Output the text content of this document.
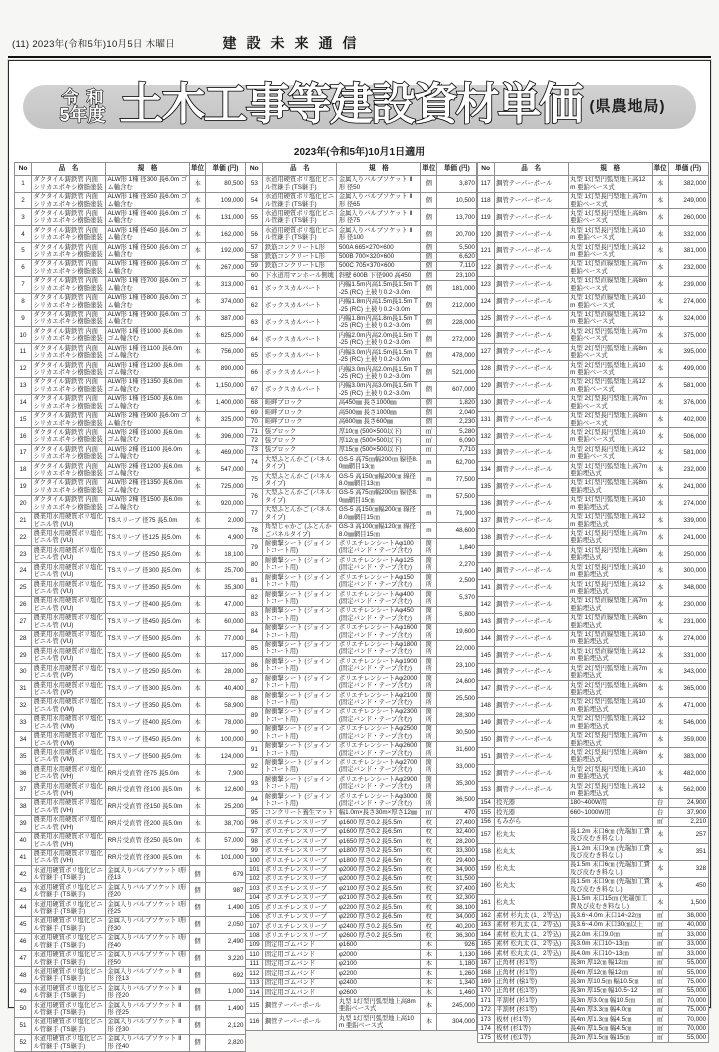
(11) 2023年(令和5年)10月5日 木曜日	建設未来通信
令和
5年度 土木工事等建設資材単価 (県農地局)
2023年(令和5年)10月1日適用
No	品　名	規　格	単位	単価 (円)
1	ダクタイル鋳鉄管 内面シリカエポキシ樹脂塗装	ALW形 1種 径300 長6.0m ゴム輪含む	本	80,500
2	ダクタイル鋳鉄管 内面シリカエポキシ樹脂塗装	ALW形 1種 径350 長6.0m ゴム輪含む	本	109,000
3	ダクタイル鋳鉄管 内面シリカエポキシ樹脂塗装	ALW形 1種 径400 長6.0m ゴム輪含む	本	131,000
4	ダクタイル鋳鉄管 内面シリカエポキシ樹脂塗装	ALW形 1種 径450 長6.0m ゴム輪含む	本	162,000
5	ダクタイル鋳鉄管 内面シリカエポキシ樹脂塗装	ALW形 1種 径500 長6.0m ゴム輪含む	本	192,000
6	ダクタイル鋳鉄管 内面シリカエポキシ樹脂塗装	ALW形 1種 径600 長6.0m ゴム輪含む	本	267,000
7	ダクタイル鋳鉄管 内面シリカエポキシ樹脂塗装	ALW形 1種 径700 長6.0m ゴム輪含む	本	313,000
8	ダクタイル鋳鉄管 内面シリカエポキシ樹脂塗装	ALW形 1種 径800 長6.0m ゴム輪含む	本	374,000
9	ダクタイル鋳鉄管 内面シリカエポキシ樹脂塗装	ALW形 1種 径900 長6.0m ゴム輪含む	本	387,000
10	ダクタイル鋳鉄管 内面シリカエポキシ樹脂塗装	ALW形 1種 径1000 長6.0m ゴム輪含む	本	625,000
11	ダクタイル鋳鉄管 内面シリカエポキシ樹脂塗装	ALW形 1種 径1100 長6.0m ゴム輪含む	本	756,000
12	ダクタイル鋳鉄管 内面シリカエポキシ樹脂塗装	ALW形 1種 径1200 長6.0m ゴム輪含む	本	890,000
13	ダクタイル鋳鉄管 内面シリカエポキシ樹脂塗装	ALW形 1種 径1350 長6.0m ゴム輪含む	本	1,150,000
14	ダクタイル鋳鉄管 内面シリカエポキシ樹脂塗装	ALW形 1種 径1500 長6.0m ゴム輪含む	本	1,400,000
15	ダクタイル鋳鉄管 内面シリカエポキシ樹脂塗装	ALW形 2種 径900 長6.0m ゴム輪含む	本	325,000
16	ダクタイル鋳鉄管 内面シリカエポキシ樹脂塗装	ALW形 2種 径1000 長6.0m ゴム輪含む	本	396,000
17	ダクタイル鋳鉄管 内面シリカエポキシ樹脂塗装	ALW形 2種 径1100 長6.0m ゴム輪含む	本	469,000
18	ダクタイル鋳鉄管 内面シリカエポキシ樹脂塗装	ALW形 2種 径1200 長6.0m ゴム輪含む	本	547,000
19	ダクタイル鋳鉄管 内面シリカエポキシ樹脂塗装	ALW形 2種 径1350 長6.0m ゴム輪含む	本	725,000
20	ダクタイル鋳鉄管 内面シリカエポキシ樹脂塗装	ALW形 2種 径1500 長6.0m ゴム輪含む	本	920,000
21	農業用水用硬質ポリ塩化ビニル管 (VU)	TSスリーブ 径75 長5.0m	本	2,000
22	農業用水用硬質ポリ塩化ビニル管 (VU)	TSスリーブ 径125 長5.0m	本	4,900
23	農業用水用硬質ポリ塩化ビニル管 (VU)	TSスリーブ 径250 長5.0m	本	18,100
24	農業用水用硬質ポリ塩化ビニル管 (VU)	TSスリーブ 径300 長5.0m	本	25,700
25	農業用水用硬質ポリ塩化ビニル管 (VU)	TSスリーブ 径350 長5.0m	本	35,300
26	農業用水用硬質ポリ塩化ビニル管 (VU)	TSスリーブ 径400 長5.0m	本	47,000
27	農業用水用硬質ポリ塩化ビニル管 (VU)	TSスリーブ 径450 長5.0m	本	60,000
28	農業用水用硬質ポリ塩化ビニル管 (VU)	TSスリーブ 径500 長5.0m	本	77,000
29	農業用水用硬質ポリ塩化ビニル管 (VU)	TSスリーブ 径600 長5.0m	本	117,000
30	農業用水用硬質ポリ塩化ビニル管 (VP)	TSスリーブ 径250 長5.0m	本	28,000
31	農業用水用硬質ポリ塩化ビニル管 (VP)	TSスリーブ 径300 長5.0m	本	40,400
32	農業用水用硬質ポリ塩化ビニル管 (VM)	TSスリーブ 径350 長5.0m	本	58,900
33	農業用水用硬質ポリ塩化ビニル管 (VM)	TSスリーブ 径400 長5.0m	本	78,000
34	農業用水用硬質ポリ塩化ビニル管 (VM)	TSスリーブ 径450 長5.0m	本	100,000
35	農業用水用硬質ポリ塩化ビニル管 (VM)	TSスリーブ 径500 長5.0m	本	124,000
36	農業用水用硬質ポリ塩化ビニル管 (VH)	RR片受直管 径75 長5.0m	本	7,900
37	農業用水用硬質ポリ塩化ビニル管 (VH)	RR片受直管 径100 長5.0m	本	12,600
38	農業用水用硬質ポリ塩化ビニル管 (VH)	RR片受直管 径150 長5.0m	本	25,200
39	農業用水用硬質ポリ塩化ビニル管 (VH)	RR片受直管 径200 長5.0m	本	38,700
40	農業用水用硬質ポリ塩化ビニル管 (VH)	RR片受直管 径250 長5.0m	本	57,000
41	農業用水用硬質ポリ塩化ビニル管 (VH)	RR片受直管 径300 長5.0m	本	101,000
42	水道用硬質ポリ塩化ビニル管継手 (TS継手)	金属入りバルブソケット Ⅰ形 径13	個	679
43	水道用硬質ポリ塩化ビニル管継手 (TS継手)	金属入りバルブソケット Ⅰ形 径20	個	987
44	水道用硬質ポリ塩化ビニル管継手 (TS継手)	金属入りバルブソケット Ⅰ形 径25	個	1,490
45	水道用硬質ポリ塩化ビニル管継手 (TS継手)	金属入りバルブソケット Ⅰ形 径30	個	2,050
46	水道用硬質ポリ塩化ビニル管継手 (TS継手)	金属入りバルブソケット Ⅰ形 径40	個	2,490
47	水道用硬質ポリ塩化ビニル管継手 (TS継手)	金属入りバルブソケット Ⅰ形 径50	個	3,220
48	水道用硬質ポリ塩化ビニル管継手 (TS継手)	金属入りバルブソケット Ⅱ形 径13	個	692
49	水道用硬質ポリ塩化ビニル管継手 (TS継手)	金属入りバルブソケット Ⅱ形 径20	個	1,000
50	水道用硬質ポリ塩化ビニル管継手 (TS継手)	金属入りバルブソケット Ⅱ形 径25	個	1,490
51	水道用硬質ポリ塩化ビニル管継手 (TS継手)	金属入りバルブソケット Ⅱ形 径30	個	2,120
52	水道用硬質ポリ塩化ビニル管継手 (TS継手)	金属入りバルブソケット Ⅱ形 径40	個	2,820
No	品　名	規　格	単位	単価 (円)
53	水道用硬質ポリ塩化ビニル管継手 (TS継手)	金属入りバルブソケット Ⅱ形 径50	個	3,870
54	水道用硬質ポリ塩化ビニル管継手 (TS継手)	金属入りバルブソケット Ⅱ形 径65	個	10,500
55	水道用硬質ポリ塩化ビニル管継手 (TS継手)	金属入りバルブソケット Ⅱ形 径75	個	13,700
56	水道用硬質ポリ塩化ビニル管継手 (TS継手)	金属入りバルブソケット Ⅱ形 径100	個	20,700
57	鉄筋コンクリートL形	500A 665×270×600	個	5,500
58	鉄筋コンクリートL形	500B 700×320×600	個	6,620
59	鉄筋コンクリートL形	500C 705×370×600	個	7,110
60	下水道用マンホール側塊	斜壁 600B 下径900 高450	個	23,100
61	ボックスカルバート	内幅1.5m内高1.5m長1.5m T-25 (RC) 土被り0.2~3.0m	個	181,000
62	ボックスカルバート	内幅1.8m内高1.5m長1.5m T-25 (RC) 土被り0.2~3.0m	個	212,000
63	ボックスカルバート	内幅1.8m内高1.8m長1.5m T-25 (RC) 土被り0.2~3.0m	個	228,000
64	ボックスカルバート	内幅2.0m内高2.0m長1.5m T-25 (RC) 土被り0.2~3.0m	個	272,000
65	ボックスカルバート	内幅3.0m内高1.5m長1.5m T-25 (RC) 土被り0.2~3.0m	個	478,000
66	ボックスカルバート	内幅3.0m内高2.0m長1.5m T-25 (RC) 土被り0.2~3.0m	個	521,000
67	ボックスカルバート	内幅3.0m内高3.0m長1.5m T-25 (RC) 土被り0.2~3.0m	個	607,000
68	畦畔ブロック	高450㎜ 長さ1000㎜	個	1,820
69	畦畔ブロック	高500㎜ 長さ1000㎜	個	2,040
70	畦畔ブロック	高600㎜ 長さ600㎜	個	2,230
71	張ブロック	厚10㎝ (500×500以下)	㎡	5,280
72	張ブロック	厚12㎝ (500×500以下)	㎡	6,090
73	張ブロック	厚15㎝ (500×500以下)	㎡	7,710
74	大型ふとんかご (パネルタイプ)	GS-5 高75㎝幅200㎝ 線径8.0㎜網目13㎝	m	62,700
75	大型ふとんかご (パネルタイプ)	GS-5 高150㎝幅200㎝ 線径8.0㎜網目13㎝	m	77,500
76	大型ふとんかご (パネルタイプ)	GS-5 高75㎝幅200㎝ 線径8.0㎜網目15㎝	m	57,500
77	大型ふとんかご (パネルタイプ)	GS-5 高150㎝幅200㎝ 線径8.0㎜網目15㎝	m	71,900
78	角型じゃかご (ふとんかごパネルタイプ)	GS-3 高100㎝幅120㎝ 線径8.0㎜網目15㎝	m	48,600
79	耐衝撃シート (ジョイントコート用)	ポリエチレンシートAφ100 (固定バンド・テープ含む)	箇所	1,840
80	耐衝撃シート (ジョイントコート用)	ポリエチレンシートAφ125 (固定バンド・テープ含む)	箇所	2,270
81	耐衝撃シート (ジョイントコート用)	ポリエチレンシートAφ150 (固定バンド・テープ含む)	箇所	2,500
82	耐衝撃シート (ジョイントコート用)	ポリエチレンシートAφ400 (固定バンド・テープ含む)	箇所	5,370
83	耐衝撃シート (ジョイントコート用)	ポリエチレンシートAφ450 (固定バンド・テープ含む)	箇所	5,800
84	耐衝撃シート (ジョイントコート用)	ポリエチレンシートAφ1600 (固定バンド・テープ含む)	箇所	19,600
85	耐衝撃シート (ジョイントコート用)	ポリエチレンシートAφ1800 (固定バンド・テープ含む)	箇所	22,000
86	耐衝撃シート (ジョイントコート用)	ポリエチレンシートAφ1900 (固定バンド・テープ含む)	箇所	23,100
87	耐衝撃シート (ジョイントコート用)	ポリエチレンシートAφ2000 (固定バンド・テープ含む)	箇所	24,600
88	耐衝撃シート (ジョイントコート用)	ポリエチレンシートAφ2100 (固定バンド・テープ含む)	箇所	25,500
89	耐衝撃シート (ジョイントコート用)	ポリエチレンシートAφ2300 (固定バンド・テープ含む)	箇所	28,300
90	耐衝撃シート (ジョイントコート用)	ポリエチレンシートAφ2500 (固定バンド・テープ含む)	箇所	30,500
91	耐衝撃シート (ジョイントコート用)	ポリエチレンシートAφ2600 (固定バンド・テープ含む)	箇所	31,600
92	耐衝撃シート (ジョイントコート用)	ポリエチレンシートAφ2700 (固定バンド・テープ含む)	箇所	33,000
93	耐衝撃シート (ジョイントコート用)	ポリエチレンシートAφ2900 (固定バンド・テープ含む)	箇所	35,300
94	耐衝撃シート (ジョイントコート用)	ポリエチレンシートAφ3000 (固定バンド・テープ含む)	箇所	36,500
95	コンクリート養生マット	幅1.0m×長さ30m×厚さ12㎜	㎡	470
96	ポリエチレンスリーブ	φ1600 厚さ0.2 長5.5m	枚	27,400
97	ポリエチレンスリーブ	φ1600 厚さ0.2 長6.5m	枚	32,400
98	ポリエチレンスリーブ	φ1650 厚さ0.2 長5.5m	枚	28,200
99	ポリエチレンスリーブ	φ1800 厚さ0.2 長5.5m	枚	33,300
100	ポリエチレンスリーブ	φ1800 厚さ0.2 長6.5m	枚	29,400
101	ポリエチレンスリーブ	φ2000 厚さ0.2 長5.5m	枚	34,900
102	ポリエチレンスリーブ	φ2000 厚さ0.2 長6.5m	枚	31,500
103	ポリエチレンスリーブ	φ2100 厚さ0.2 長5.5m	枚	37,400
104	ポリエチレンスリーブ	φ2100 厚さ0.2 長6.5m	枚	32,300
105	ポリエチレンスリーブ	φ2200 厚さ0.2 長5.5m	枚	38,100
106	ポリエチレンスリーブ	φ2200 厚さ0.2 長6.5m	枚	34,000
107	ポリエチレンスリーブ	φ2400 厚さ0.2 長5.5m	枚	40,200
108	ポリエチレンスリーブ	φ2600 厚さ0.2 長5.5m	枚	36,300
109	固定用ゴムバンド	φ1600	本	926
110	固定用ゴムバンド	φ2000	本	1,130
111	固定用ゴムバンド	φ2100	本	1,180
112	固定用ゴムバンド	φ2200	本	1,260
113	固定用ゴムバンド	φ2400	本	1,340
114	固定用ゴムバンド	φ2600	本	1,460
115	鋼管テーパーポール	丸型 1灯型円弧型地上高8m 亜鉛ベース式	本	245,000
116	鋼管テーパーポール	丸型 1灯型円弧型地上高10m 亜鉛ベース式	本	304,000
No	品　名	規　格	単位	単価 (円)
117	鋼管テーパーポール	丸型 1灯型円弧型地上高12m 亜鉛ベース式	本	382,000
118	鋼管テーパーポール	丸型 1灯型長円型地上高7m 亜鉛ベース式	本	249,000
119	鋼管テーパーポール	丸型 1灯型長円型地上高8m 亜鉛ベース式	本	260,000
120	鋼管テーパーポール	丸型 1灯型長円型地上高10m 亜鉛ベース式	本	332,000
121	鋼管テーパーポール	丸型 1灯型長円型地上高12m 亜鉛ベース式	本	381,000
122	鋼管テーパーポール	丸型 1灯型直線型地上高7m 亜鉛ベース式	本	232,000
123	鋼管テーパーポール	丸型 1灯型直線型地上高8m 亜鉛ベース式	本	239,000
124	鋼管テーパーポール	丸型 1灯型直線型地上高10m 亜鉛ベース式	本	274,000
125	鋼管テーパーポール	丸型 1灯型直線型地上高12m 亜鉛ベース式	本	324,000
126	鋼管テーパーポール	丸型 2灯型円弧型地上高7m 亜鉛ベース式	本	375,000
127	鋼管テーパーポール	丸型 2灯型円弧型地上高8m 亜鉛ベース式	本	395,000
128	鋼管テーパーポール	丸型 2灯型円弧型地上高10m 亜鉛ベース式	本	499,000
129	鋼管テーパーポール	丸型 2灯型円弧型地上高12m 亜鉛ベース式	本	581,000
130	鋼管テーパーポール	丸型 2灯型長円型地上高7m 亜鉛ベース式	本	376,000
131	鋼管テーパーポール	丸型 2灯型長円型地上高8m 亜鉛ベース式	本	402,000
132	鋼管テーパーポール	丸型 2灯型長円型地上高10m 亜鉛ベース式	本	506,000
133	鋼管テーパーポール	丸型 2灯型長円型地上高12m 亜鉛ベース式	本	581,000
134	鋼管テーパーポール	丸型 1灯型円弧型地上高7m 亜鉛埋込式	本	232,000
135	鋼管テーパーポール	丸型 1灯型円弧型地上高8m 亜鉛埋込式	本	241,000
136	鋼管テーパーポール	丸型 1灯型円弧型地上高10m 亜鉛埋込式	本	274,000
137	鋼管テーパーポール	丸型 1灯型円弧型地上高12m 亜鉛埋込式	本	339,000
138	鋼管テーパーポール	丸型 1灯型長円型地上高7m 亜鉛埋込式	本	241,000
139	鋼管テーパーポール	丸型 1灯型長円型地上高8m 亜鉛埋込式	本	250,000
140	鋼管テーパーポール	丸型 1灯型長円型地上高10m 亜鉛埋込式	本	300,000
141	鋼管テーパーポール	丸型 1灯型長円型地上高12m 亜鉛埋込式	本	348,000
142	鋼管テーパーポール	丸型 1灯型直線型地上高7m 亜鉛埋込式	本	230,000
143	鋼管テーパーポール	丸型 1灯型直線型地上高8m 亜鉛埋込式	本	231,000
144	鋼管テーパーポール	丸型 1灯型直線型地上高10m 亜鉛埋込式	本	274,000
145	鋼管テーパーポール	丸型 1灯型直線型地上高12m 亜鉛埋込式	本	331,000
146	鋼管テーパーポール	丸型 2灯型円弧型地上高7m 亜鉛埋込式	本	343,000
147	鋼管テーパーポール	丸型 2灯型円弧型地上高8m 亜鉛埋込式	本	365,000
148	鋼管テーパーポール	丸型 2灯型円弧型地上高10m 亜鉛埋込式	本	471,000
149	鋼管テーパーポール	丸型 2灯型円弧型地上高12m 亜鉛埋込式	本	546,000
150	鋼管テーパーポール	丸型 2灯型長円型地上高7m 亜鉛埋込式	本	359,000
151	鋼管テーパーポール	丸型 2灯型長円型地上高8m 亜鉛埋込式	本	383,000
152	鋼管テーパーポール	丸型 2灯型長円型地上高10m 亜鉛埋込式	本	482,000
153	鋼管テーパーポール	丸型 2灯型長円型地上高12m 亜鉛埋込式	本	562,000
154	投光器	180~400W用	台	24,900
155	投光器	660~1000W用	台	37,900
156	もみがら		㎥	2,210
157	松丸太	長1.2m 末口6㎝ (先端加工費及び皮むき料なし)	本	257
158	松丸太	長1.2m 末口9㎝ (先端加工費及び皮むき料なし)	本	351
159	松丸太	長1.5m 末口6㎝ (先端加工費及び皮むき料なし)	本	328
160	松丸太	長1.5m 末口9㎝ (先端加工費及び皮むき料なし)	本	450
161	松丸太	長1.5m 末口15㎝ (先端加工費及び皮むき料なし)	本	1,500
162	素材 杉丸太 (1、2等込)	長3.6~4.0m 末口14~22㎝	㎥	38,000
163	素材 杉丸太 (1、2等込)	長3.6~4.0m 末口30㎝以上	㎥	40,000
164	素材 松丸太 (1、2等込)	長2.0m 末口9.0㎝	㎥	33,000
165	素材 松丸太 (1、2等込)	長3.0m 末口10~13㎝	㎥	33,000
166	素材 松丸太 (1、2等込)	長4.0m 末口10~13㎝	㎥	33,000
167	正角材 (杉1等)	長3m 厚12㎝ 幅12㎝	㎥	55,000
168	正角材 (杉1等)	長4m 厚12㎝ 幅12㎝	㎥	55,000
169	正角材 (桧1等)	長3m 厚10.5㎝ 幅10.5㎝	㎥	75,000
170	正角材 (松1等)	長3m 厚15㎝ 幅10.5~12	㎥	55,000
171	平割材 (杉1等)	長3m 厚3.0㎝ 幅10.5㎝	㎥	70,000
172	平割材 (杉1等)	長4m 厚3.3㎝ 幅4.0㎝	㎥	75,000
173	板材 (杉1等)	長4m 厚1.3㎝ 幅4.5㎝	㎥	70,000
174	板材 (杉1等)	長4m 厚1.5㎝ 幅4.5㎝	㎥	70,000
175	板材 (松1等)	長2m 厚1.5㎝ 幅15㎝	㎥	55,000
